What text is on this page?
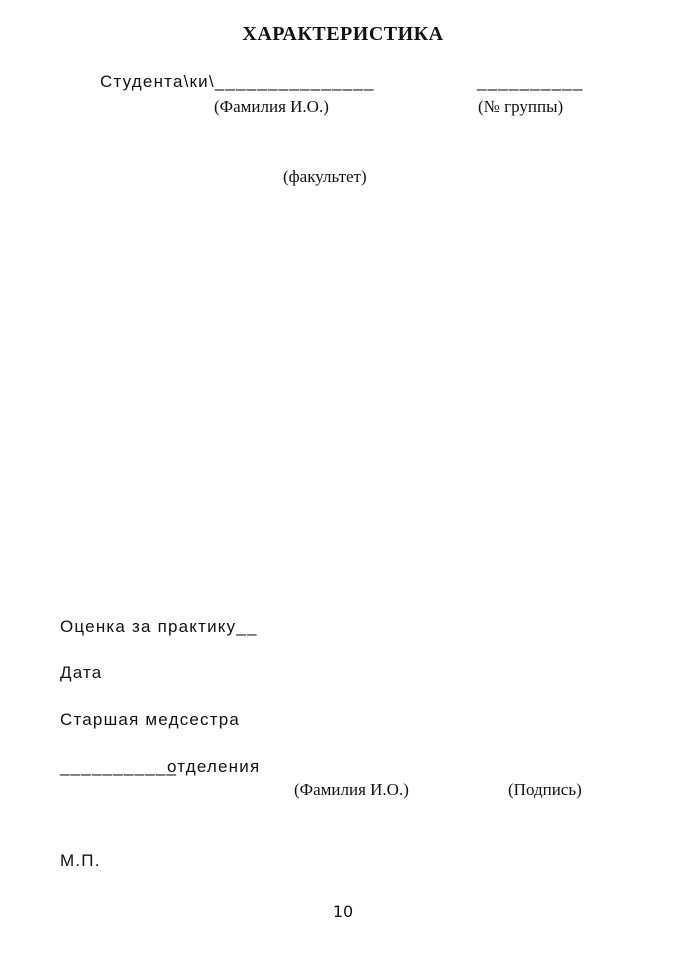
ХАРАКТЕРИСТИКА
Студента\ки\_______________	__________
(Фамилия И.О.)	(№ группы)
(факультет)
Оценка за практику__
Дата
Старшая медсестра
___________
отделения
(Фамилия И.О.)	(Подпись)
М.П.
10
